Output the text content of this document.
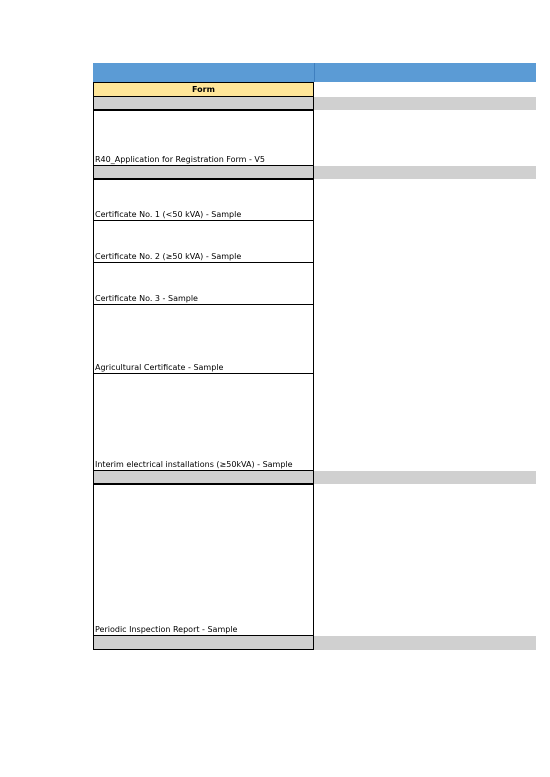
Form
R40_Application for Registration Form - V5
Certificate No. 1 (<50 kVA) - Sample
Certificate No. 2 (≥50 kVA) - Sample
Certificate No. 3 - Sample
Agricultural Certificate - Sample
Interim electrical installations (≥50kVA) - Sample
Periodic Inspection Report - Sample
